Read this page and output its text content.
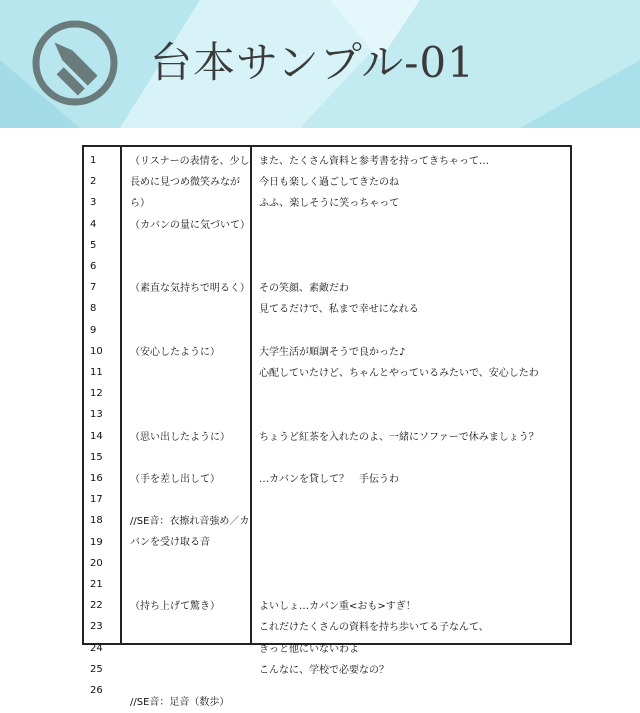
台本サンプル-01
1
2
3
4
5
6
7
8
9
10
11
12
13
14
15
16
17
18
19
20
21
22
23
24
25
26
（リスナーの表情を、少し長めに見つめ微笑みながら）
（カバンの量に気づいて）
（素直な気持ちで明るく）
（安心したように）
（思い出したように）
（手を差し出して）
//SE音：衣擦れ音強め／カバンを受け取る音
（持ち上げて驚き）
//SE音：足音（数歩）
また、たくさん資料と参考書を持ってきちゃって…
今日も楽しく過ごしてきたのね
ふふ、楽しそうに笑っちゃって
その笑顔、素敵だわ
見てるだけで、私まで幸せになれる
大学生活が順調そうで良かった♪
心配していたけど、ちゃんとやっているみたいで、安心したわ
ちょうど紅茶を入れたのよ、一緒にソファーで休みましょう？
…カバンを貸して？　手伝うわ
よいしょ…カバン重<おも>すぎ！
これだけたくさんの資料を持ち歩いてる子なんて、
きっと他にいないわよ
こんなに、学校で必要なの？
